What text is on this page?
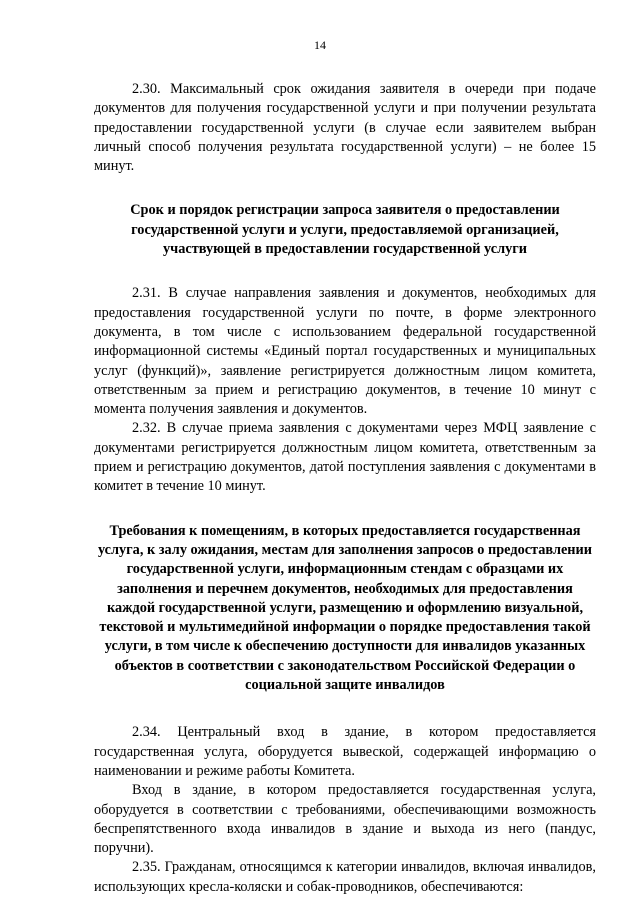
14

2.30. Максимальный срок ожидания заявителя в очереди при подаче документов для получения государственной услуги и при получении результата предоставлении государственной услуги (в случае если заявителем выбран личный способ получения результата государственной услуги) – не более 15 минут.

Срок и порядок регистрации запроса заявителя о предоставлении государственной услуги и услуги, предоставляемой организацией, участвующей в предоставлении государственной услуги

2.31. В случае направления заявления и документов, необходимых для предоставления государственной услуги по почте, в форме электронного документа, в том числе с использованием федеральной государственной информационной системы «Единый портал государственных и муниципальных услуг (функций)», заявление регистрируется должностным лицом комитета, ответственным за прием и регистрацию документов, в течение 10 минут с момента получения заявления и документов.

2.32. В случае приема заявления с документами через МФЦ заявление с документами регистрируется должностным лицом комитета, ответственным за прием и регистрацию документов, датой поступления заявления с документами в комитет в течение 10 минут.

Требования к помещениям, в которых предоставляется государственная услуга, к залу ожидания, местам для заполнения запросов о предоставлении государственной услуги, информационным стендам с образцами их заполнения и перечнем документов, необходимых для предоставления каждой государственной услуги, размещению и оформлению визуальной, текстовой и мультимедийной информации о порядке предоставления такой услуги, в том числе к обеспечению доступности для инвалидов указанных объектов в соответствии с законодательством Российской Федерации о социальной защите инвалидов

2.34. Центральный вход в здание, в котором предоставляется государственная услуга, оборудуется вывеской, содержащей информацию о наименовании и режиме работы Комитета.

Вход в здание, в котором предоставляется государственная услуга, оборудуется в соответствии с требованиями, обеспечивающими возможность беспрепятственного входа инвалидов в здание и выхода из него (пандус, поручни).

2.35. Гражданам, относящимся к категории инвалидов, включая инвалидов, использующих кресла-коляски и собак-проводников, обеспечиваются:
